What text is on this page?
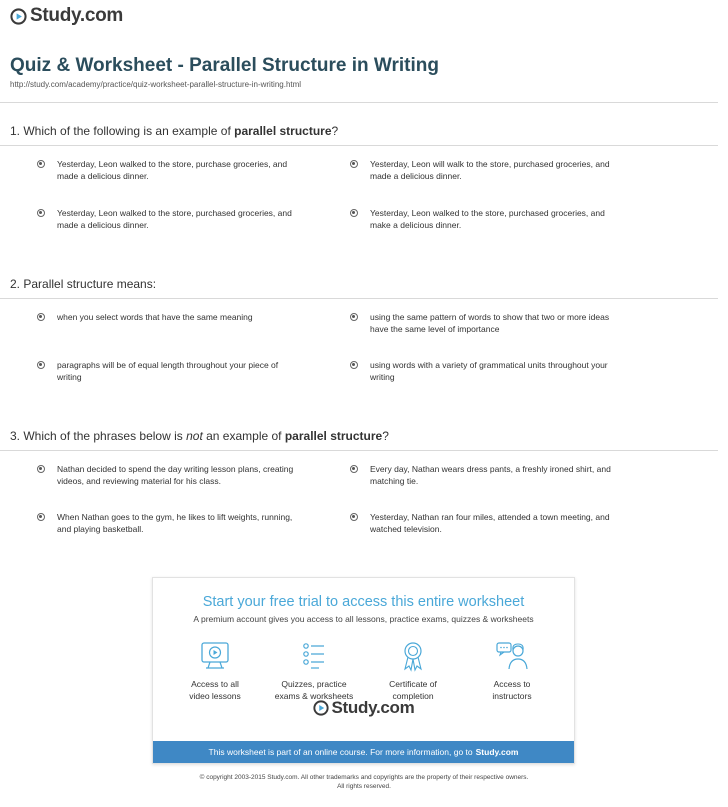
Study.com
Quiz & Worksheet - Parallel Structure in Writing
http://study.com/academy/practice/quiz-worksheet-parallel-structure-in-writing.html
1. Which of the following is an example of parallel structure?
Yesterday, Leon walked to the store, purchase groceries, and
made a delicious dinner.
Yesterday, Leon will walk to the store, purchased groceries, and
made a delicious dinner.
Yesterday, Leon walked to the store, purchased groceries, and
made a delicious dinner.
Yesterday, Leon walked to the store, purchased groceries, and
make a delicious dinner.
2. Parallel structure means:
when you select words that have the same meaning	using the same pattern of words to show that two or more ideas
have the same level of importance
paragraphs will be of equal length throughout your piece of
writing
using words with a variety of grammatical units throughout your
writing
3. Which of the phrases below is not an example of parallel structure?
Nathan decided to spend the day writing lesson plans, creating
videos, and reviewing material for his class.
Every day, Nathan wears dress pants, a freshly ironed shirt, and
matching tie.
When Nathan goes to the gym, he likes to lift weights, running,
and playing basketball.
Yesterday, Nathan ran four miles, attended a town meeting, and
watched television.
Start your free trial to access this entire worksheet
A premium account gives you access to all lessons, practice exams, quizzes & worksheets
Access to all
video lessons
Quizzes, practice
exams & worksheets
Certificate of
completion
Access to
instructors
Study.com
This worksheet is part of an online course. For more information, go to Study.com
© copyright 2003-2015 Study.com. All other trademarks and copyrights are the property of their respective owners.
All rights reserved.
